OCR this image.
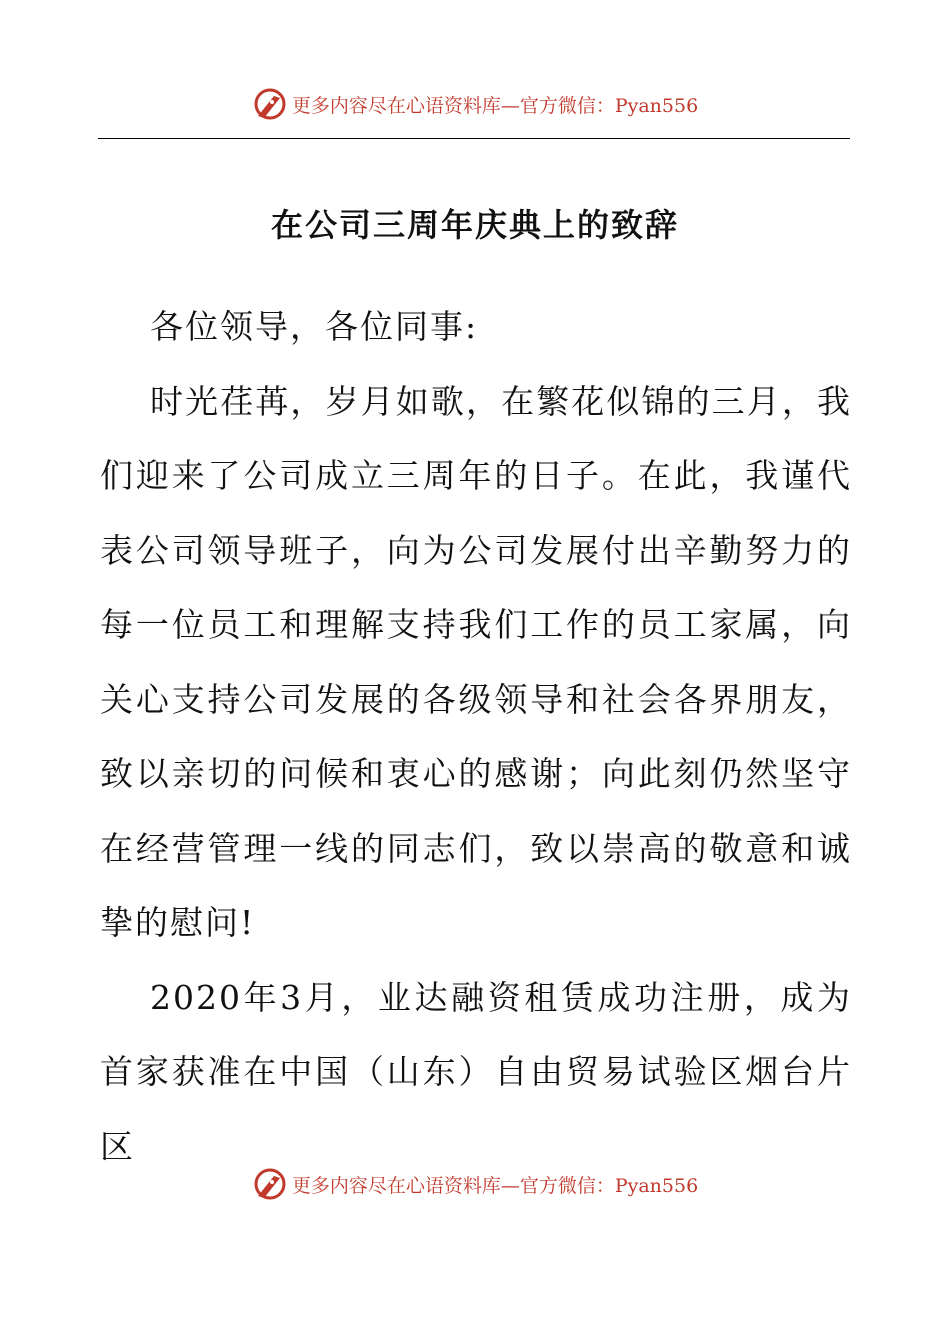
更多内容尽在心语资料库—官方微信：Pyan556
在公司三周年庆典上的致辞

各位领导，各位同事:

时光荏苒，岁月如歌，在繁花似锦的三月，我们迎来了公司成立三周年的日子。在此，我谨代表公司领导班子，向为公司发展付出辛勤努力的每一位员工和理解支持我们工作的员工家属，向关心支持公司发展的各级领导和社会各界朋友，致以亲切的问候和衷心的感谢；向此刻仍然坚守在经营管理一线的同志们，致以崇高的敬意和诚挚的慰问!

2020年3月，业达融资租赁成功注册，成为首家获准在中国（山东）自由贸易试验区烟台片区

更多内容尽在心语资料库—官方微信：Pyan556
